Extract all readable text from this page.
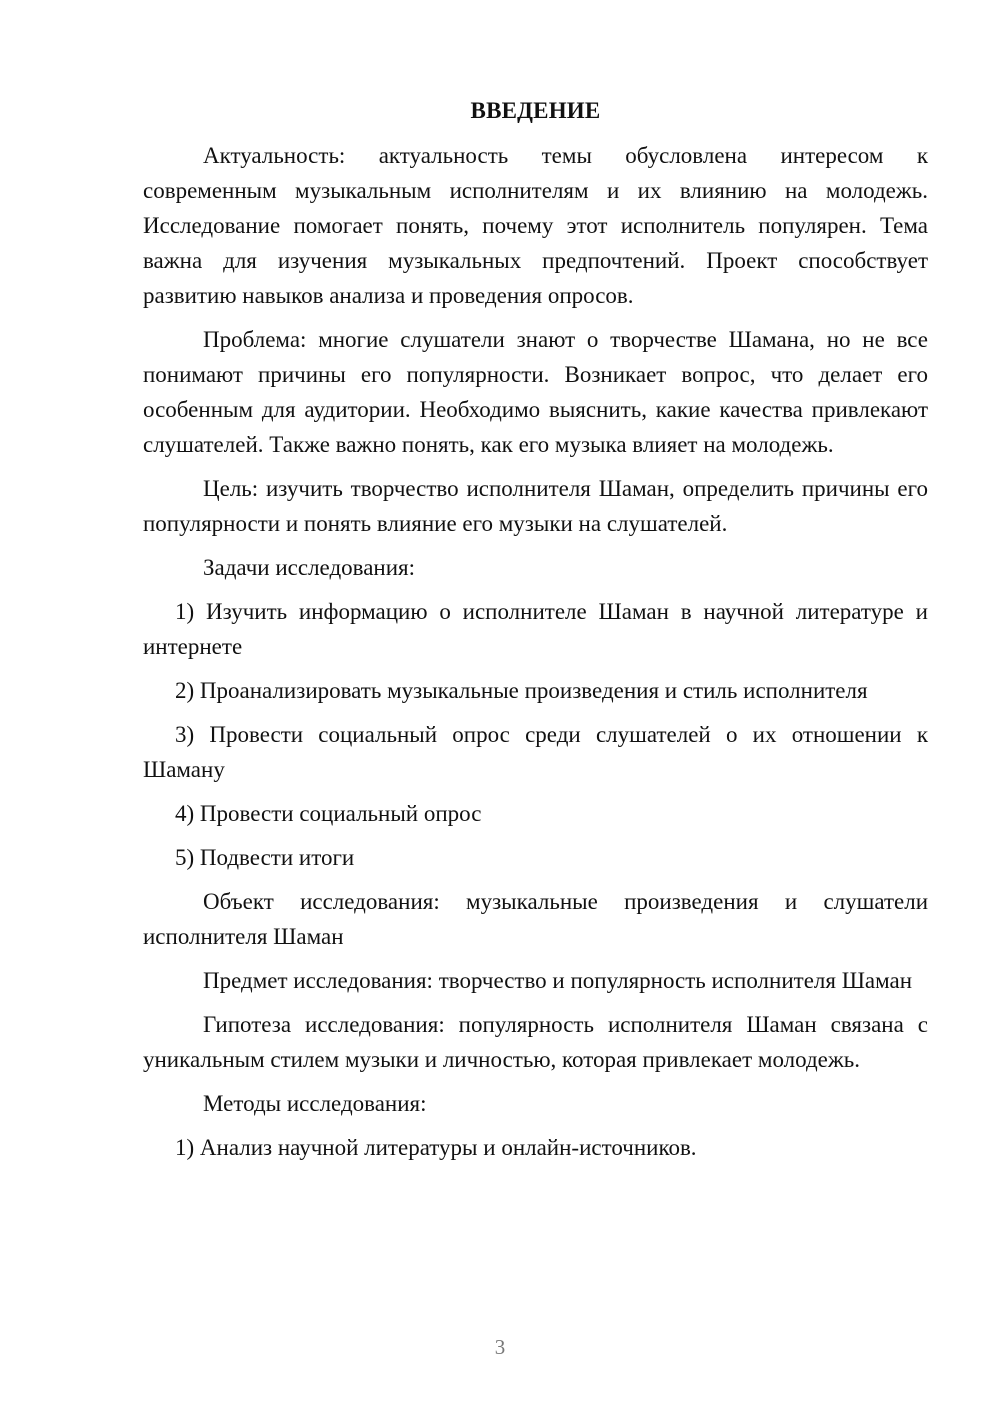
ВВЕДЕНИЕ

Актуальность: актуальность темы обусловлена интересом к современным музыкальным исполнителям и их влиянию на молодежь. Исследование помогает понять, почему этот исполнитель популярен. Тема важна для изучения музыкальных предпочтений. Проект способствует развитию навыков анализа и проведения опросов.

Проблема: многие слушатели знают о творчестве Шамана, но не все понимают причины его популярности. Возникает вопрос, что делает его особенным для аудитории. Необходимо выяснить, какие качества привлекают слушателей. Также важно понять, как его музыка влияет на молодежь.

Цель: изучить творчество исполнителя Шаман, определить причины его популярности и понять влияние его музыки на слушателей.

Задачи исследования:

1) Изучить информацию о исполнителе Шаман в научной литературе и интернете

2) Проанализировать музыкальные произведения и стиль исполнителя

3) Провести социальный опрос среди слушателей о их отношении к Шаману

4) Провести социальный опрос

5) Подвести итоги

Объект исследования: музыкальные произведения и слушатели исполнителя Шаман

Предмет исследования: творчество и популярность исполнителя Шаман

Гипотеза исследования: популярность исполнителя Шаман связана с уникальным стилем музыки и личностью, которая привлекает молодежь.

Методы исследования:

1) Анализ научной литературы и онлайн-источников.

3
